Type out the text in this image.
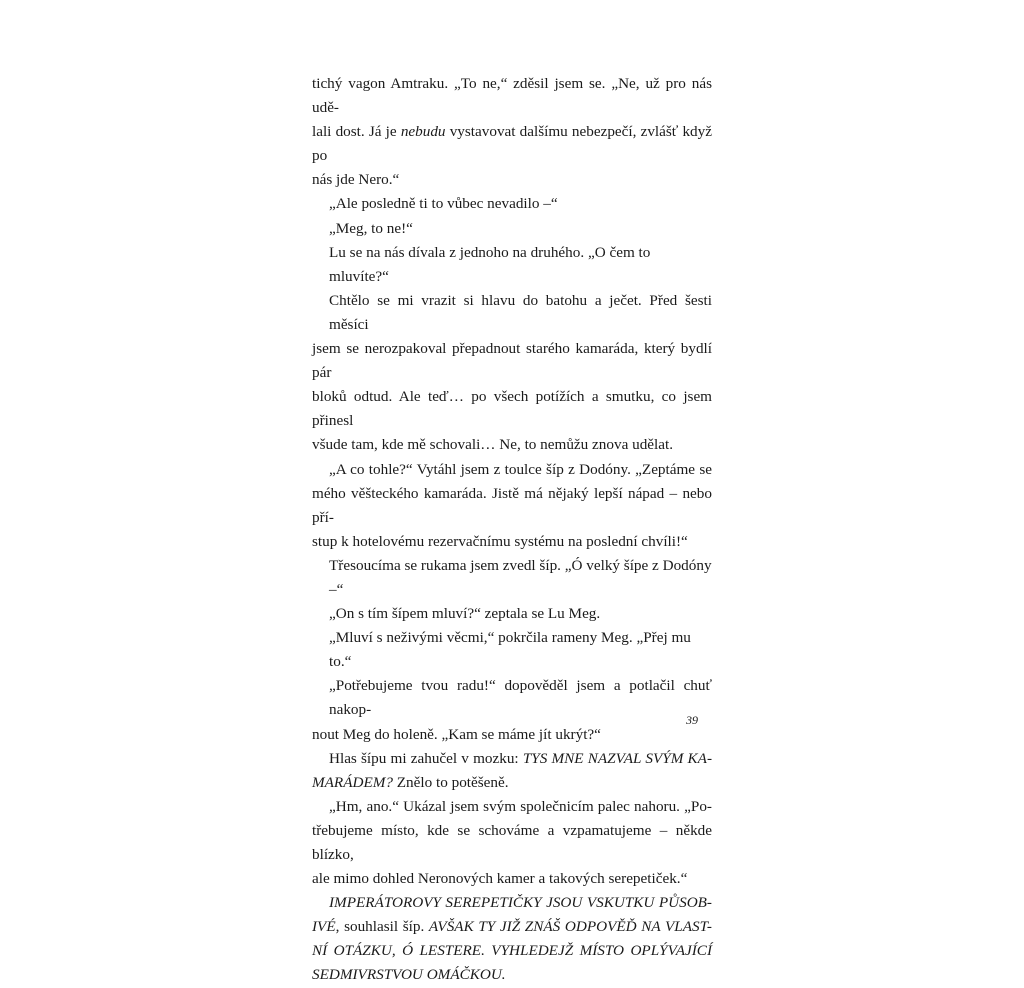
tichý vagon Amtraku. „To ne,“ zděsil jsem se. „Ne, už pro nás udě-
lali dost. Já je nebudu vystavovat dalšímu nebezpečí, zvlášť když po
nás jde Nero.“
„Ale posledně ti to vůbec nevadilo –“
„Meg, to ne!“
Lu se na nás dívala z jednoho na druhého. „O čem to mluvíte?“
Chtělo se mi vrazit si hlavu do batohu a ječet. Před šesti měsíci
jsem se nerozpakoval přepadnout starého kamaráda, který bydlí pár
bloků odtud. Ale teď… po všech potížích a smutku, co jsem přinesl
všude tam, kde mě schovali… Ne, to nemůžu znova udělat.
„A co tohle?“ Vytáhl jsem z toulce šíp z Dodóny. „Zeptáme se
mého věšteckého kamaráda. Jistě má nějaký lepší nápad – nebo pří-
stup k hotelovému rezervačnímu systému na poslední chvíli!“
Třesoucíma se rukama jsem zvedl šíp. „Ó velký šípe z Dodóny –“
„On s tím šípem mluví?“ zeptala se Lu Meg.
„Mluví s neživými věcmi,“ pokrčila rameny Meg. „Přej mu to.“
„Potřebujeme tvou radu!“ dopověděl jsem a potlačil chuť nakop-
nout Meg do holeně. „Kam se máme jít ukrýt?“
Hlas šípu mi zahučel v mozku: TYS MNE NAZVAL SVÝM KA-
MARÁDEM? Znělo to potěšeně.
„Hm, ano.“ Ukázal jsem svým společnicím palec nahoru. „Po-
třebujeme místo, kde se schováme a vzpamatujeme – někde blízko,
ale mimo dohled Neronových kamer a takových serepetiček.“
IMPERÁTOROVY SEREPETIČKY JSOU VSKUTKU PŮSOB-
IVÉ, souhlasil šíp. AVŠAK TY JIŽ ZNÁŠ ODPOVĚĎ NA VLAST-
NÍ OTÁZKU, Ó LESTERE. VYHLEDEJŽ MÍSTO OPLÝVAJÍCÍ
SEDMIVRSTVOU OMÁČKOU.
39
